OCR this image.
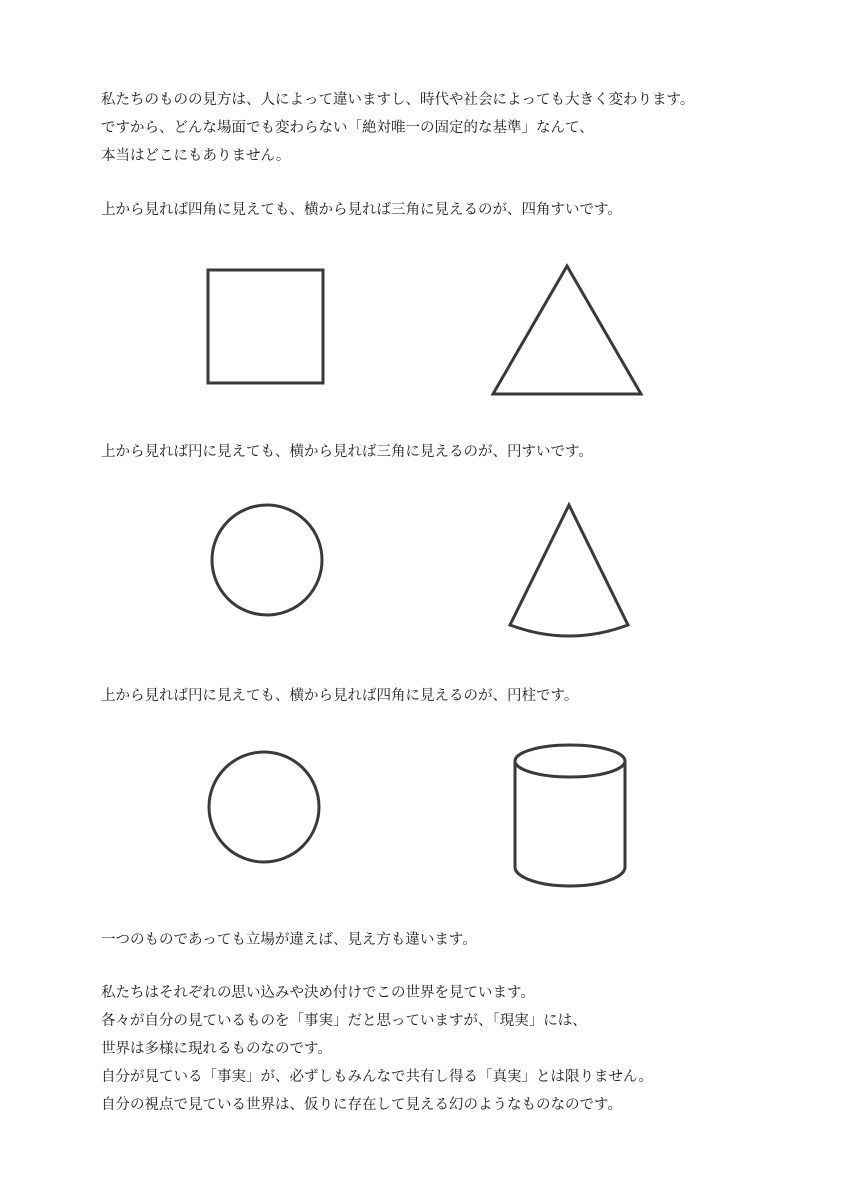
私たちのものの見方は、人によって違いますし、時代や社会によっても大きく変わります。
ですから、どんな場面でも変わらない「絶対唯一の固定的な基準」なんて、
本当はどこにもありません。
上から見れば四角に見えても、横から見れば三角に見えるのが、四角すいです。
上から見れば円に見えても、横から見れば三角に見えるのが、円すいです。
上から見れば円に見えても、横から見れば四角に見えるのが、円柱です。
一つのものであっても立場が違えば、見え方も違います。
私たちはそれぞれの思い込みや決め付けでこの世界を見ています。
各々が自分の見ているものを「事実」だと思っていますが、「現実」には、
世界は多様に現れるものなのです。
自分が見ている「事実」が、必ずしもみんなで共有し得る「真実」とは限りません。
自分の視点で見ている世界は、仮りに存在して見える幻のようなものなのです。
